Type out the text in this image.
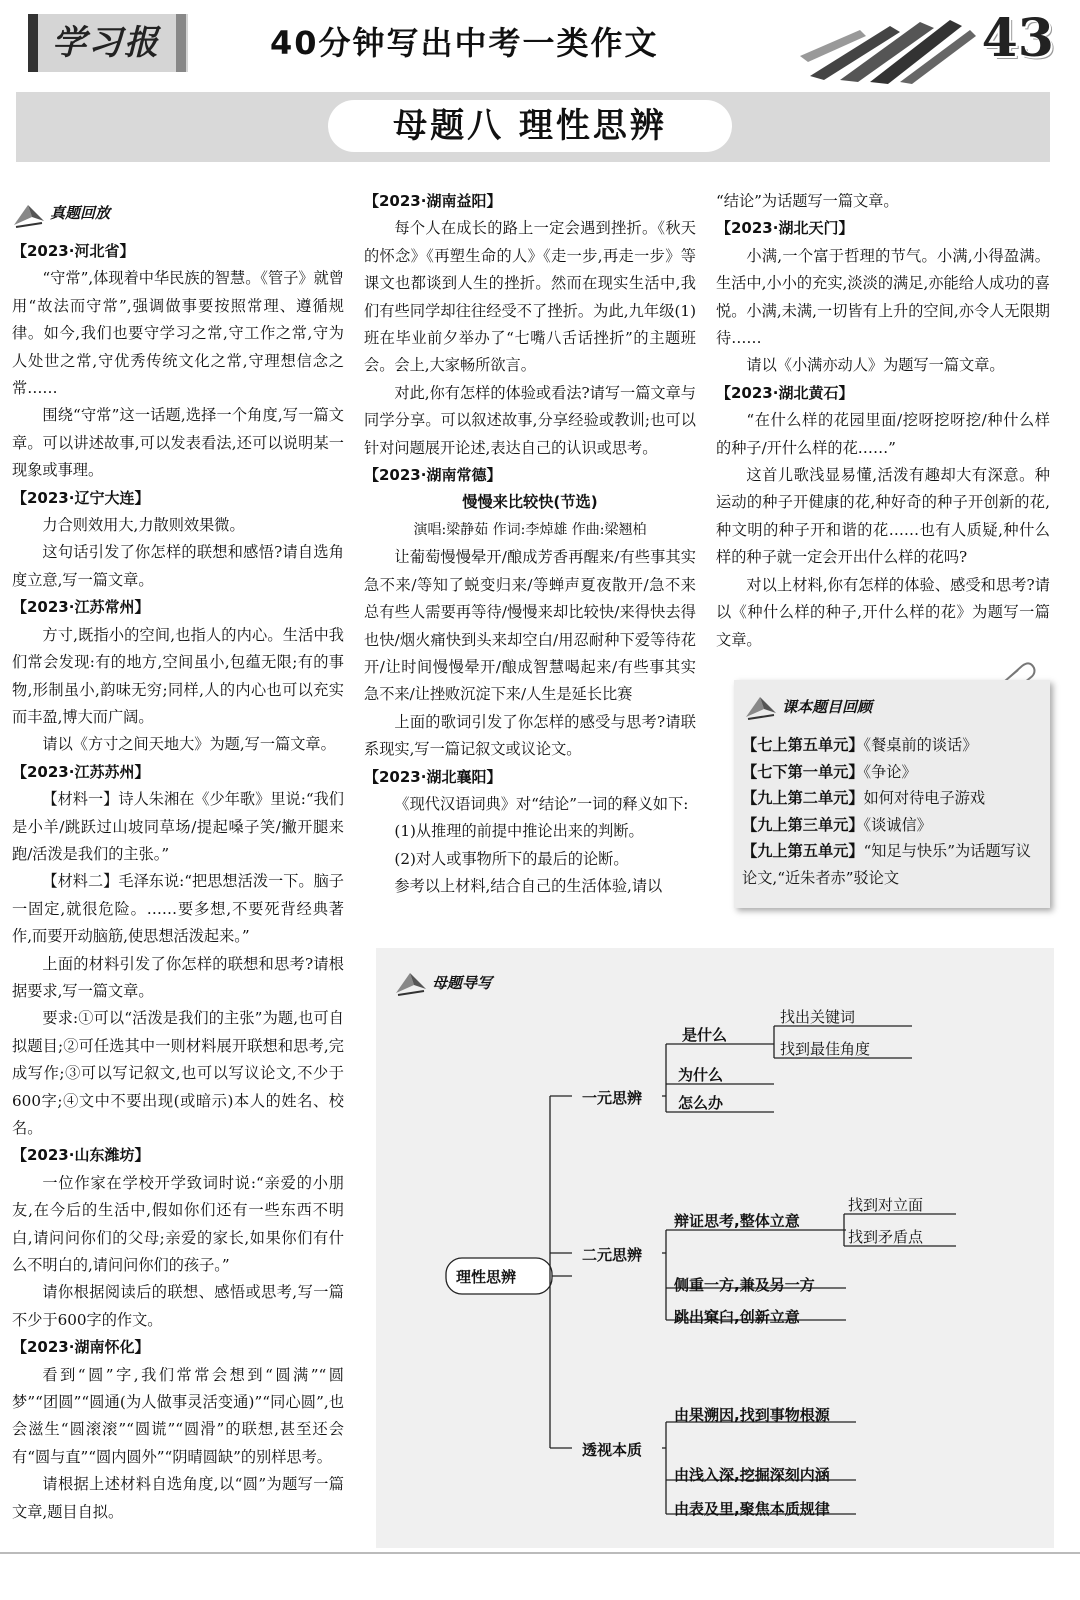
学习报	40分钟写出中考一类作文	43
母题八 理性思辨
真题回放

【2023·河北省】

“守常”,体现着中华民族的智慧。《管子》就曾用“故法而守常”,强调做事要按照常理、遵循规律。如今,我们也要守学习之常,守工作之常,守为人处世之常,守优秀传统文化之常,守理想信念之常……

围绕“守常”这一话题,选择一个角度,写一篇文章。可以讲述故事,可以发表看法,还可以说明某一现象或事理。

【2023·辽宁大连】

力合则效用大,力散则效果微。

这句话引发了你怎样的联想和感悟?请自选角度立意,写一篇文章。

【2023·江苏常州】

方寸,既指小的空间,也指人的内心。生活中我们常会发现:有的地方,空间虽小,包蕴无限;有的事物,形制虽小,韵味无穷;同样,人的内心也可以充实而丰盈,博大而广阔。

请以《方寸之间天地大》为题,写一篇文章。

【2023·江苏苏州】

【材料一】诗人朱湘在《少年歌》里说:“我们是小羊/跳跃过山坡同草场/提起嗓子笑/撇开腿来跑/活泼是我们的主张。”

【材料二】毛泽东说:“把思想活泼一下。脑子一固定,就很危险。……要多想,不要死背经典著作,而要开动脑筋,使思想活泼起来。”

上面的材料引发了你怎样的联想和思考?请根据要求,写一篇文章。

要求:①可以“活泼是我们的主张”为题,也可自拟题目;②可任选其中一则材料展开联想和思考,完成写作;③可以写记叙文,也可以写议论文,不少于600字;④文中不要出现(或暗示)本人的姓名、校名。

【2023·山东潍坊】

一位作家在学校开学致词时说:“亲爱的小朋友,在今后的生活中,假如你们还有一些东西不明白,请问问你们的父母;亲爱的家长,如果你们有什么不明白的,请问问你们的孩子。”

请你根据阅读后的联想、感悟或思考,写一篇不少于600字的作文。

【2023·湖南怀化】

看到“圆”字,我们常常会想到“圆满”“圆梦”“团圆”“圆通(为人做事灵活变通)”“同心圆”,也会滋生“圆滚滚”“圆谎”“圆滑”的联想,甚至还会有“圆与直”“圆内圆外”“阴晴圆缺”的别样思考。

请根据上述材料自选角度,以“圆”为题写一篇文章,题目自拟。

【2023·湖南益阳】

每个人在成长的路上一定会遇到挫折。《秋天的怀念》《再塑生命的人》《走一步,再走一步》等课文也都谈到人生的挫折。然而在现实生活中,我们有些同学却往往经受不了挫折。为此,九年级(1)班在毕业前夕举办了“七嘴八舌话挫折”的主题班会。会上,大家畅所欲言。

对此,你有怎样的体验或看法?请写一篇文章与同学分享。可以叙述故事,分享经验或教训;也可以针对问题展开论述,表达自己的认识或思考。

【2023·湖南常德】

慢慢来比较快(节选)

演唱:梁静茹 作词:李焯雄 作曲:梁翘柏

让葡萄慢慢晕开/酿成芳香再醒来/有些事其实急不来/等知了蜕变归来/等蝉声夏夜散开/急不来总有些人需要再等待/慢慢来却比较快/来得快去得也快/烟火痛快到头来却空白/用忍耐种下爱等待花开/让时间慢慢晕开/酿成智慧喝起来/有些事其实急不来/让挫败沉淀下来/人生是延长比赛

上面的歌词引发了你怎样的感受与思考?请联系现实,写一篇记叙文或议论文。

【2023·湖北襄阳】

《现代汉语词典》对“结论”一词的释义如下:

(1)从推理的前提中推论出来的判断。

(2)对人或事物所下的最后的论断。

参考以上材料,结合自己的生活体验,请以

“结论”为话题写一篇文章。

【2023·湖北天门】

小满,一个富于哲理的节气。小满,小得盈满。生活中,小小的充实,淡淡的满足,亦能给人成功的喜悦。小满,未满,一切皆有上升的空间,亦令人无限期待……

请以《小满亦动人》为题写一篇文章。

【2023·湖北黄石】

“在什么样的花园里面/挖呀挖呀挖/种什么样的种子/开什么样的花……”

这首儿歌浅显易懂,活泼有趣却大有深意。种运动的种子开健康的花,种好奇的种子开创新的花,种文明的种子开和谐的花……也有人质疑,种什么样的种子就一定会开出什么样的花吗?

对以上材料,你有怎样的体验、感受和思考?请以《种什么样的种子,开什么样的花》为题写一篇文章。

课本题目回顾
【七上第五单元】《餐桌前的谈话》
【七下第一单元】《争论》
【九上第二单元】如何对待电子游戏
【九上第三单元】《谈诚信》
【九上第五单元】“知足与快乐”为话题写议论文,“近朱者赤”驳论文
母题导写
理性思辨
一元思辨
是什么
找出关键词
找到最佳角度
为什么
怎么办
二元思辨
辩证思考,整体立意
找到对立面
找到矛盾点
侧重一方,兼及另一方
跳出窠臼,创新立意
透视本质
由果溯因,找到事物根源
由浅入深,挖掘深刻内涵
由表及里,聚焦本质规律
